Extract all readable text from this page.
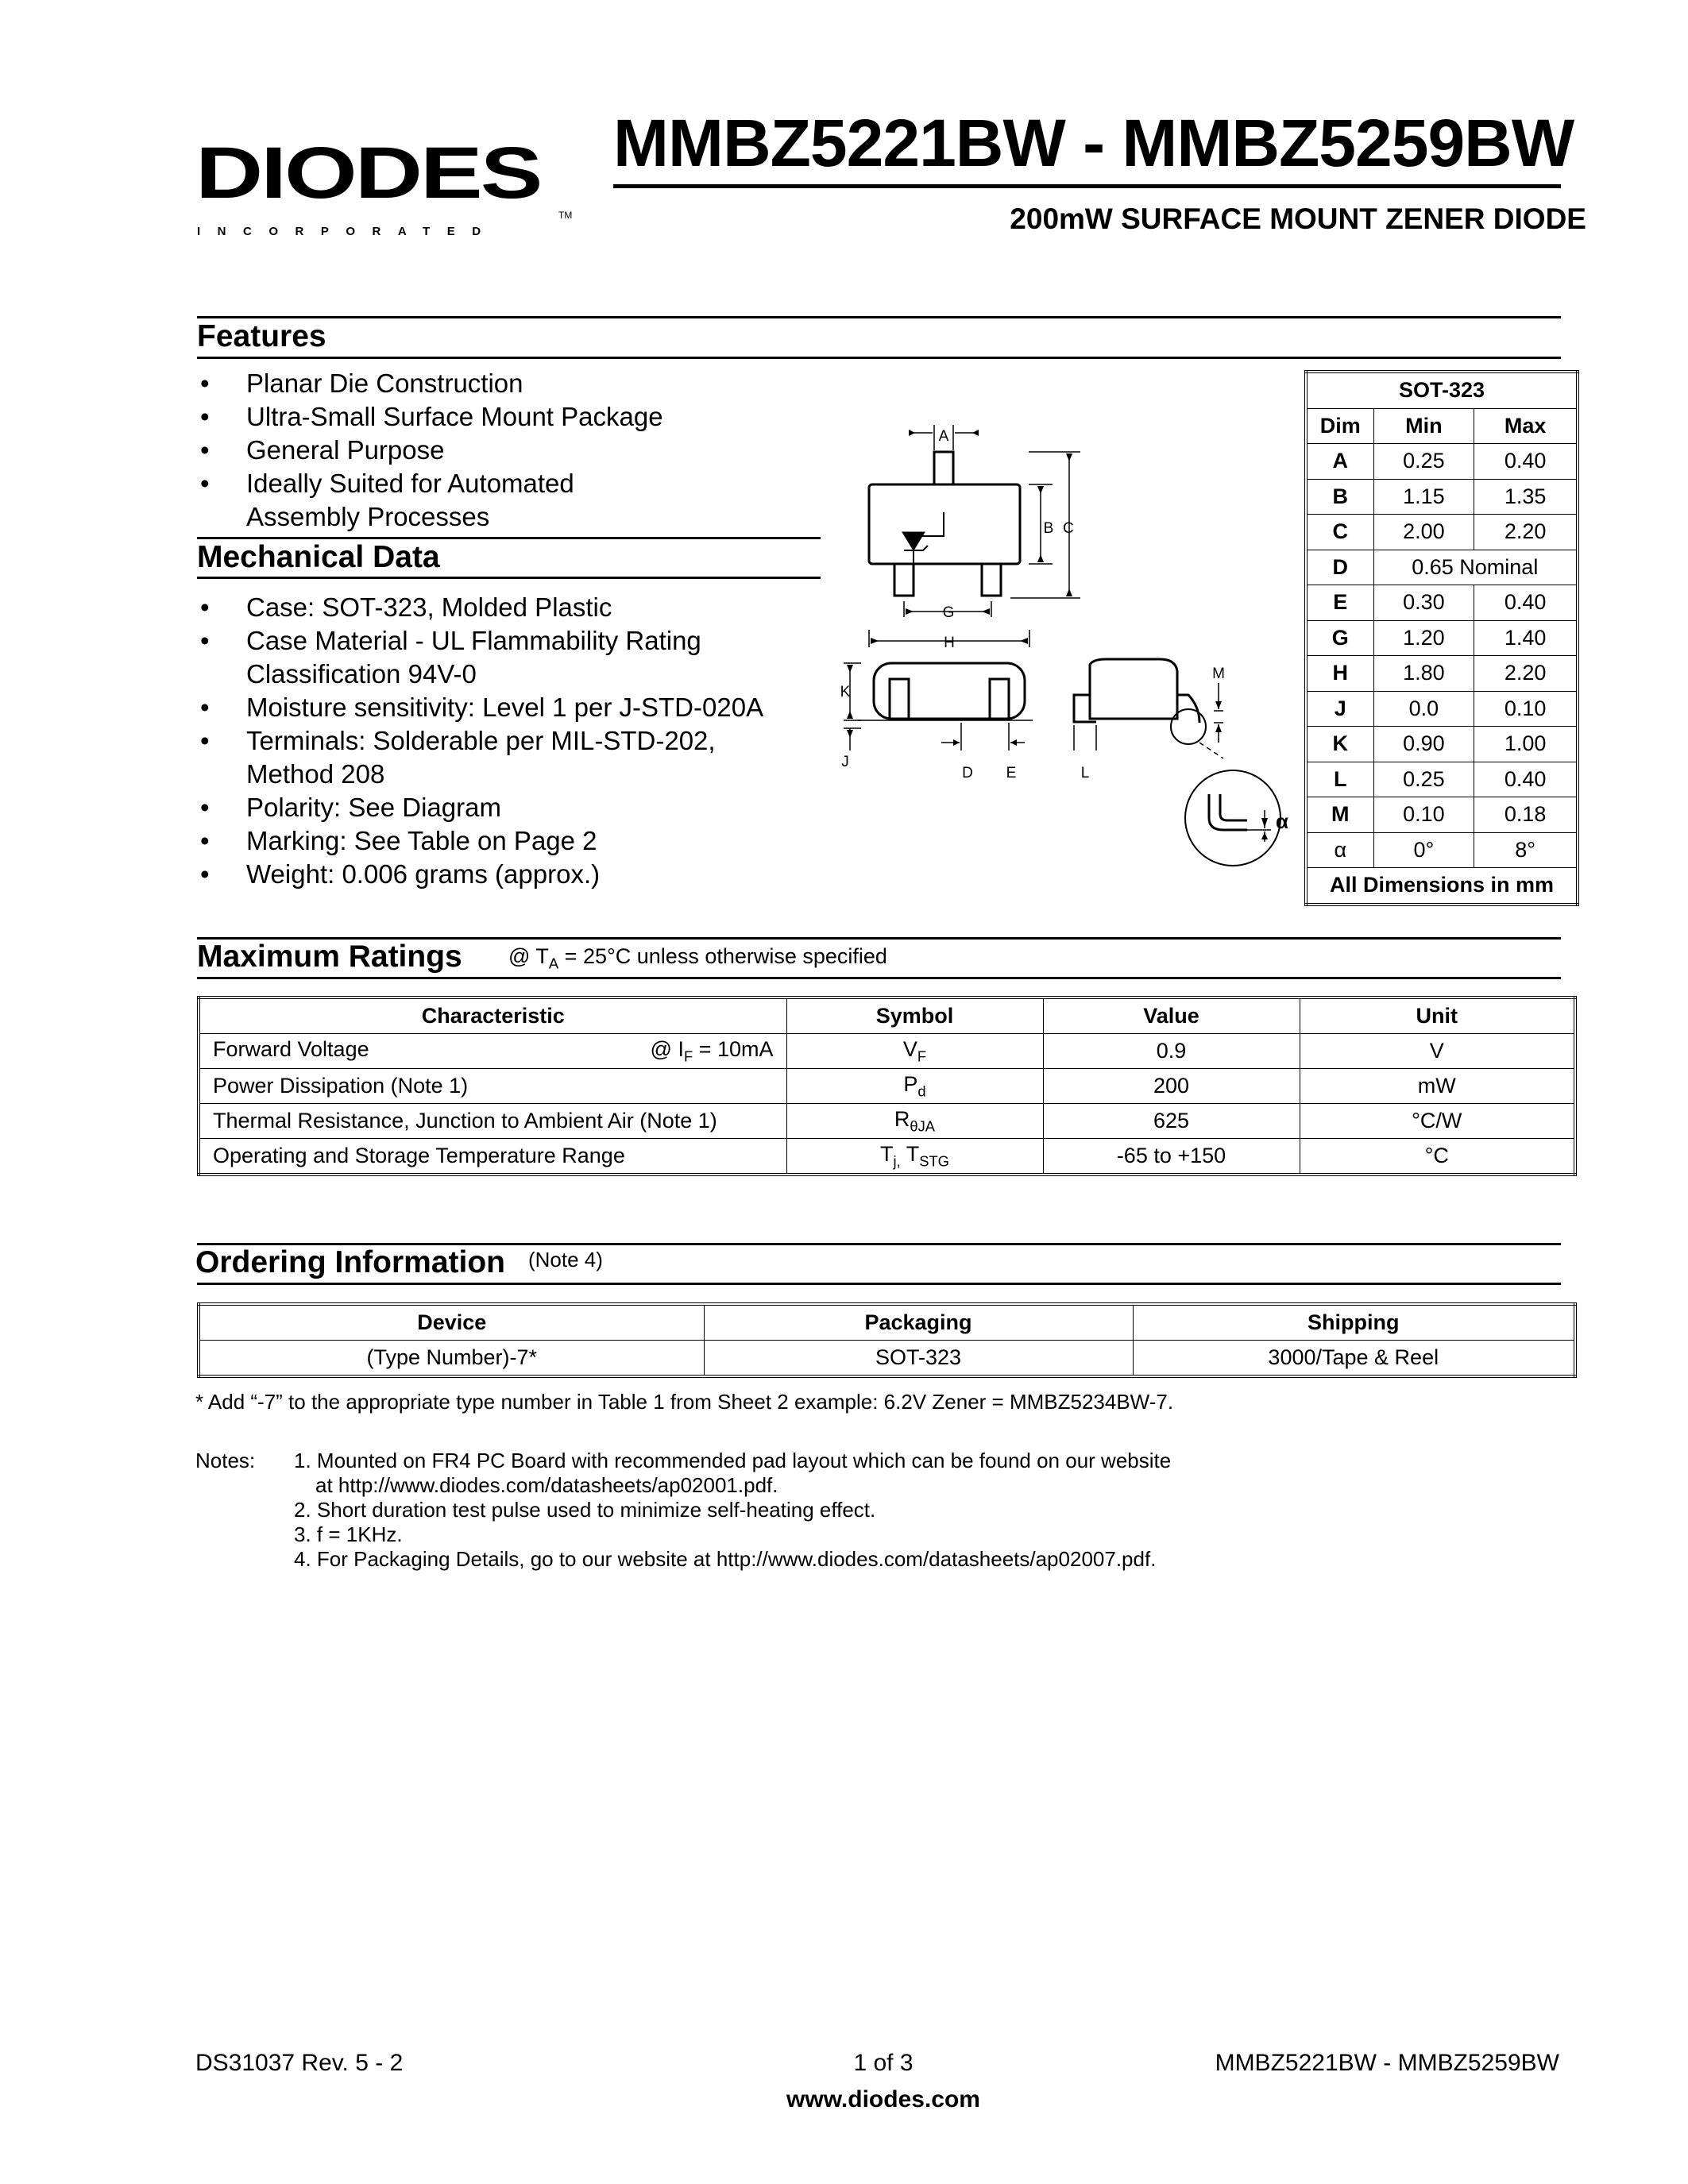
DIODES
INCORPORATED
TM
MMBZ5221BW - MMBZ5259BW
200mW SURFACE MOUNT ZENER DIODE
Features
• Planar Die Construction
• Ultra-Small Surface Mount Package
• General Purpose
• Ideally Suited for Automated Assembly Processes
Mechanical Data
• Case: SOT-323, Molded Plastic
• Case Material - UL Flammability Rating Classification 94V-0
• Moisture sensitivity: Level 1 per J-STD-020A
• Terminals: Solderable per MIL-STD-202, Method 208
• Polarity: See Diagram
• Marking: See Table on Page 2
• Weight: 0.006 grams (approx.)
A
B C
G
H
K
J
D E	L
M
α
SOT-323		
Dim	Min	Max
A	0.25	0.40
B	1.15	1.35
C	2.00	2.20
D	0.65 Nominal	
E	0.30	0.40
G	1.20	1.40
H	1.80	2.20
J	0.0	0.10
K	0.90	1.00
L	0.25	0.40
M	0.10	0.18
α	0°	8°
All Dimensions in mm		
Maximum Ratings @ $T_A = 25^\circ C$ unless otherwise specified
Characteristic	Symbol	Value	Unit
Forward Voltage @ $I_F = 10mA$	$V_F$	0.9	V
Power Dissipation (Note 1)	$P_d$	200	mW
Thermal Resistance, Junction to Ambient Air (Note 1)	$R_{\theta JA}$	625	°C/W
Operating and Storage Temperature Range	$T_{j,}$ $T_{STG}$	-65 to +150	°C
Ordering Information (Note 4)
Device	Packaging	Shipping
(Type Number)-7*	SOT-323	3000/Tape & Reel
* Add “-7” to the appropriate type number in Table 1 from Sheet 2 example: 6.2V Zener = MMBZ5234BW-7.
Notes: 1. Mounted on FR4 PC Board with recommended pad layout which can be found on our website
at http://www.diodes.com/datasheets/ap02001.pdf.
2. Short duration test pulse used to minimize self-heating effect.
3. f = 1KHz.
4. For Packaging Details, go to our website at http://www.diodes.com/datasheets/ap02007.pdf.
DS31037 Rev. 5 - 2	1 of 3	MMBZ5221BW - MMBZ5259BW
www.diodes.com
